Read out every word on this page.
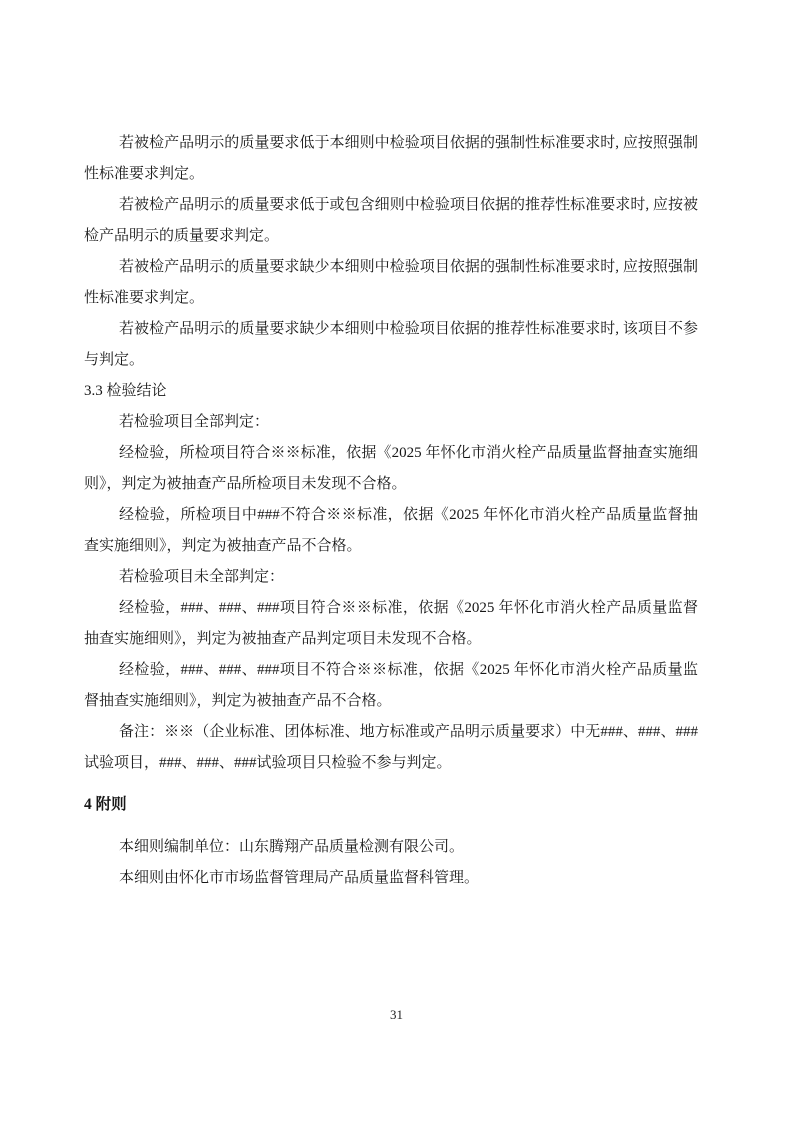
若被检产品明示的质量要求低于本细则中检验项目依据的强制性标准要求时, 应按照强制性标准要求判定。

若被检产品明示的质量要求低于或包含细则中检验项目依据的推荐性标准要求时, 应按被检产品明示的质量要求判定。

若被检产品明示的质量要求缺少本细则中检验项目依据的强制性标准要求时, 应按照强制性标准要求判定。

若被检产品明示的质量要求缺少本细则中检验项目依据的推荐性标准要求时, 该项目不参与判定。

3.3 检验结论

若检验项目全部判定：

经检验，所检项目符合※※标准，依据《2025 年怀化市消火栓产品质量监督抽查实施细则》，判定为被抽查产品所检项目未发现不合格。

经检验，所检项目中###不符合※※标准，依据《2025 年怀化市消火栓产品质量监督抽查实施细则》，判定为被抽查产品不合格。

若检验项目未全部判定：

经检验，###、###、###项目符合※※标准，依据《2025 年怀化市消火栓产品质量监督抽查实施细则》，判定为被抽查产品判定项目未发现不合格。

经检验，###、###、###项目不符合※※标准，依据《2025 年怀化市消火栓产品质量监督抽查实施细则》，判定为被抽查产品不合格。

备注：※※（企业标准、团体标准、地方标准或产品明示质量要求）中无###、###、###试验项目，###、###、###试验项目只检验不参与判定。

4 附则

本细则编制单位：山东腾翔产品质量检测有限公司。

本细则由怀化市市场监督管理局产品质量监督科管理。

31
